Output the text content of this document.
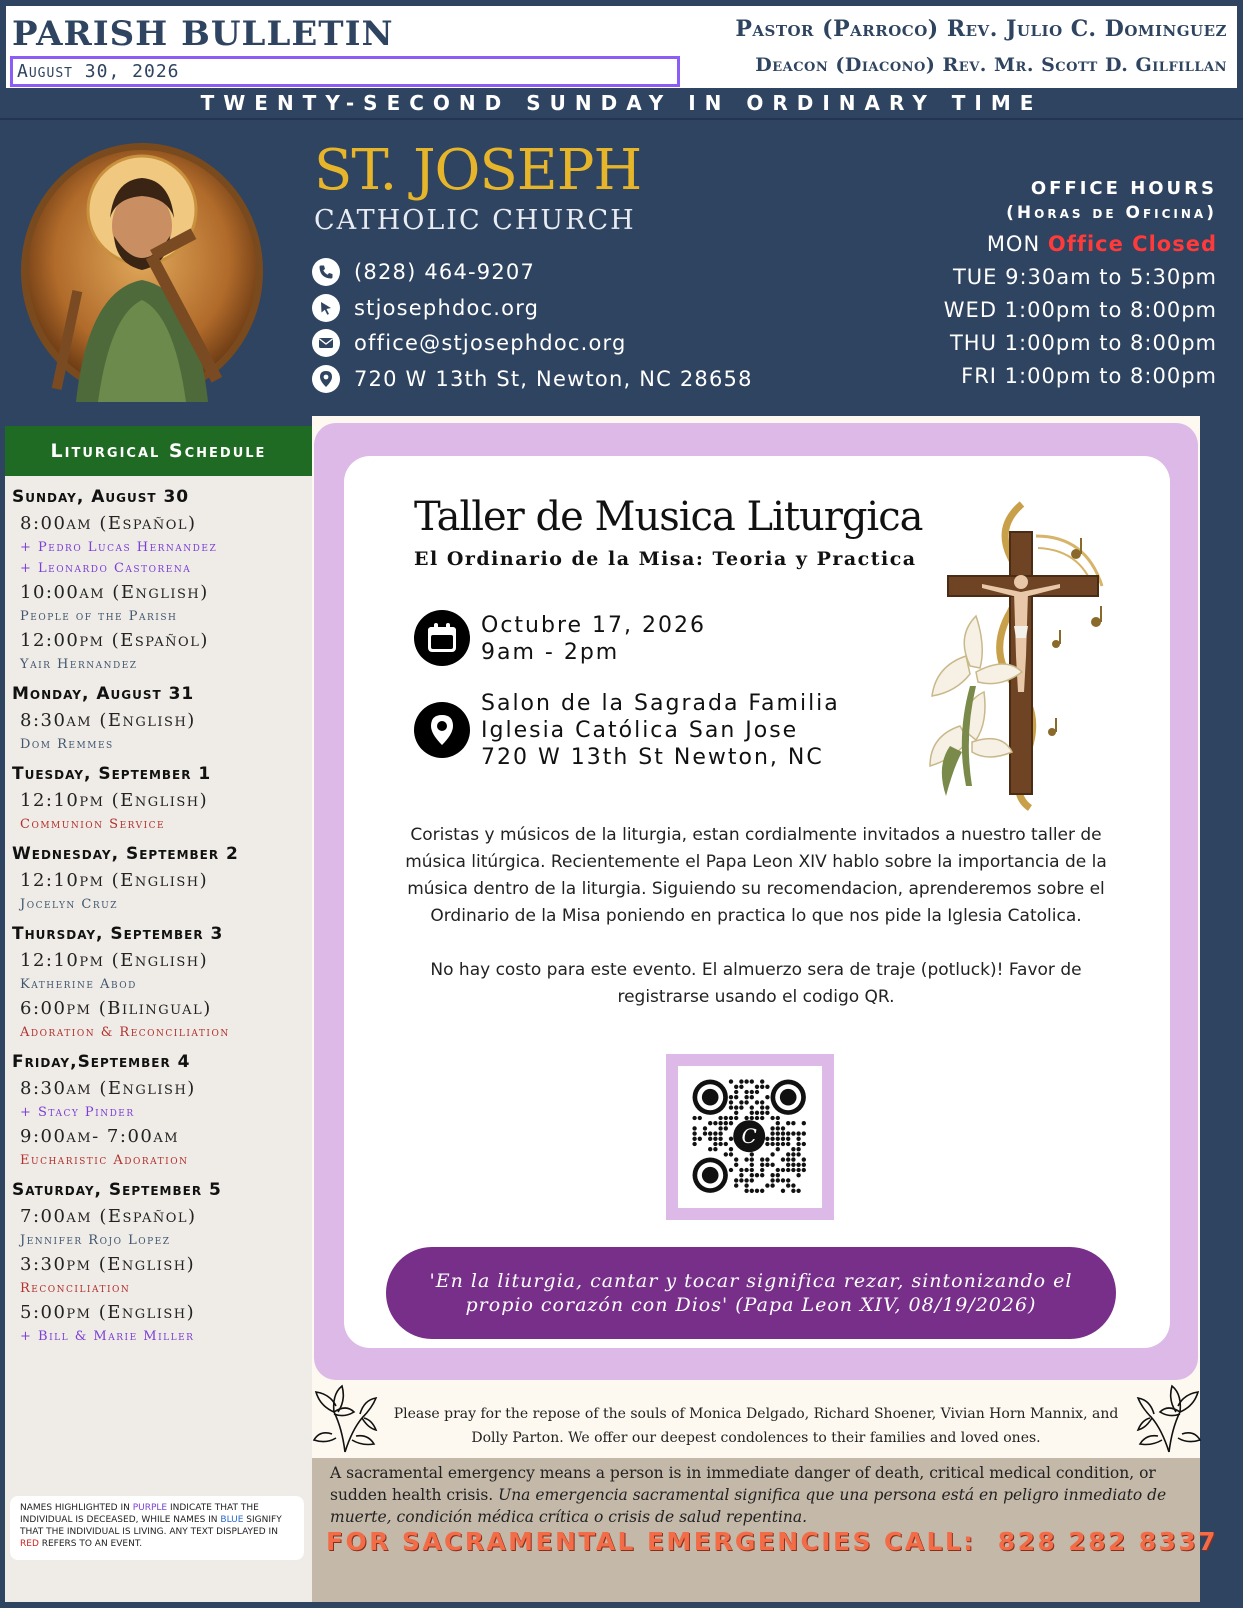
PARISH BULLETIN
August 30, 2026
Pastor (Parroco) Rev. Julio C. Dominguez
Deacon (Diacono) Rev. Mr. Scott D. Gilfillan
TWENTY-SECOND SUNDAY IN ORDINARY TIME
ST. JOSEPH
CATHOLIC CHURCH
(828) 464-9207
stjosephdoc.org
office@stjosephdoc.org
720 W 13th St, Newton, NC 28658
OFFICE HOURS
(Horas de Oficina)
MON Office Closed
TUE 9:30am to 5:30pm
WED 1:00pm to 8:00pm
THU 1:00pm to 8:00pm
FRI 1:00pm to 8:00pm
Liturgical Schedule
Sunday, August 30
8:00am (Español)
+ Pedro Lucas Hernandez
+ Leonardo Castorena
10:00am (English)
People of the Parish
12:00pm (Español)
Yair Hernandez
Monday, August 31
8:30am (English)
Dom Remmes
Tuesday, September 1
12:10pm (English)
Communion Service
Wednesday, September 2
12:10pm (English)
Jocelyn Cruz
Thursday, September 3
12:10pm (English)
Katherine Abod
6:00pm (Bilingual)
Adoration & Reconciliation
Friday,September 4
8:30am (English)
+ Stacy Pinder
9:00am- 7:00am
Eucharistic Adoration
Saturday, September 5
7:00am (Español)
Jennifer Rojo Lopez
3:30pm (English)
Reconciliation
5:00pm (English)
+ Bill & Marie Miller
NAMES HIGHLIGHTED IN PURPLE INDICATE THAT THE INDIVIDUAL IS DECEASED, WHILE NAMES IN BLUE SIGNIFY THAT THE INDIVIDUAL IS LIVING. ANY TEXT DISPLAYED IN RED REFERS TO AN EVENT.
Taller de Musica Liturgica
El Ordinario de la Misa: Teoria y Practica
Octubre 17, 2026
9am - 2pm
Salon de la Sagrada Familia
Iglesia Católica San Jose
720 W 13th St Newton, NC

Coristas y músicos de la liturgia, estan cordialmente invitados a nuestro taller de música litúrgica. Recientemente el Papa Leon XIV hablo sobre la importancia de la música dentro de la liturgia. Siguiendo su recomendacion, aprenderemos sobre el Ordinario de la Misa poniendo en practica lo que nos pide la Iglesia Catolica.

No hay costo para este evento. El almuerzo sera de traje (potluck)! Favor de registrarse usando el codigo QR.

C
'En la liturgia, cantar y tocar significa rezar, sintonizando el propio corazón con Dios' (Papa Leon XIV, 08/19/2026)
Please pray for the repose of the souls of Monica Delgado, Richard Shoener, Vivian Horn Mannix, and Dolly Parton. We offer our deepest condolences to their families and loved ones.
A sacramental emergency means a person is in immediate danger of death, critical medical condition, or sudden health crisis. Una emergencia sacramental significa que una persona está en peligro inmediato de muerte, condición médica crítica o crisis de salud repentina.
FOR SACRAMENTAL EMERGENCIES CALL: 828 282 8337
